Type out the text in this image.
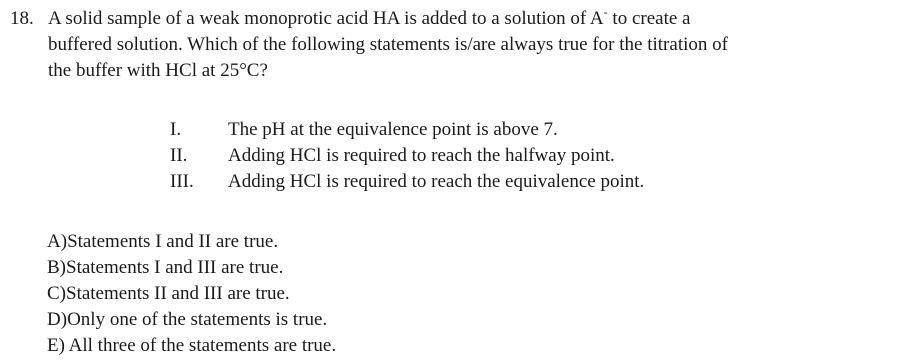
18. A solid sample of a weak monoprotic acid HA is added to a solution of A- to create a
buffered solution. Which of the following statements is/are always true for the titration of
the buffer with HCl at 25°C?
I. The pH at the equivalence point is above 7.
II. Adding HCl is required to reach the halfway point.
III. Adding HCl is required to reach the equivalence point.
A)Statements I and II are true.
B)Statements I and III are true.
C)Statements II and III are true.
D)Only one of the statements is true.
E) All three of the statements are true.
